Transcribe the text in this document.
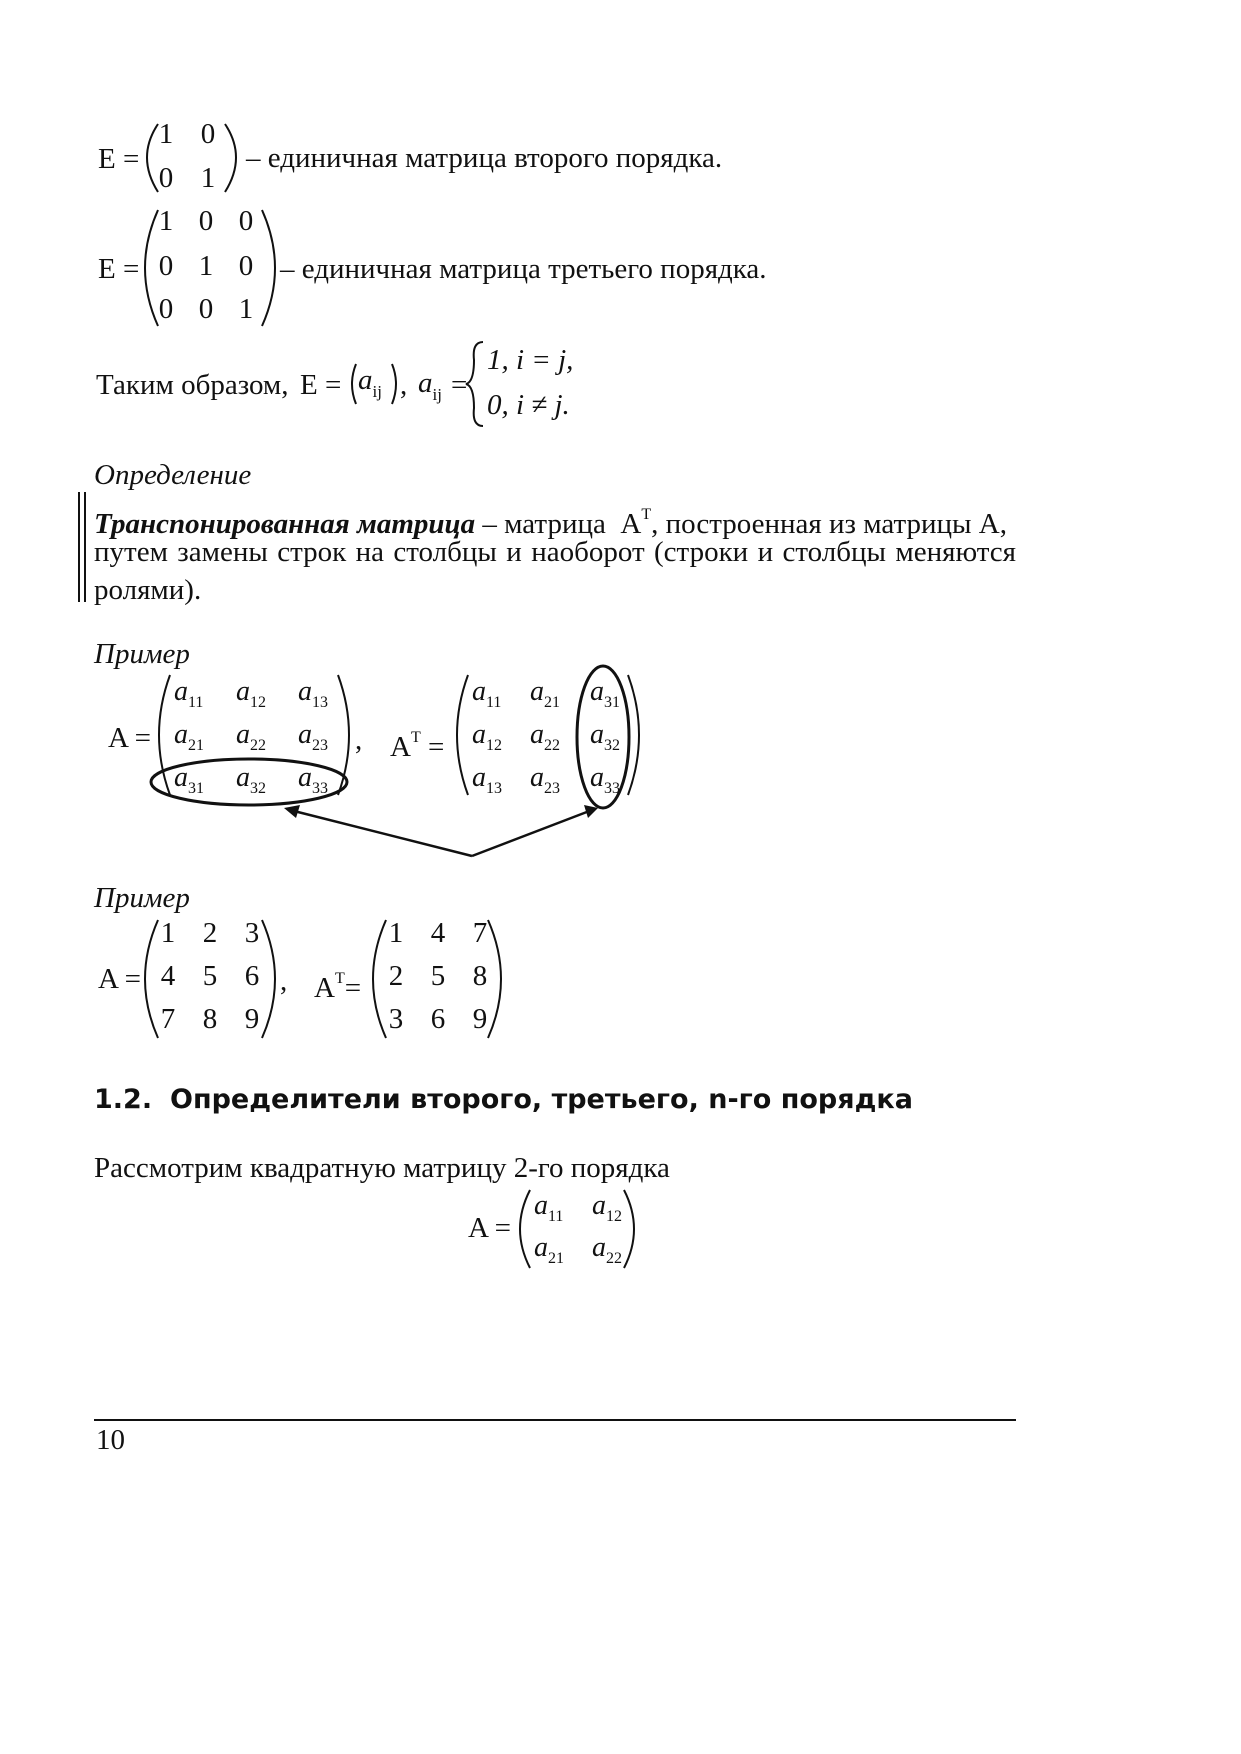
E =
1 0
0 1
– единичная матрица второго порядка.
E =
1 0 0
0 1 0
0 0 1
– единичная матрица третьего порядка.
Таким образом, $E = a_{ij}$ , $a_{ij}$ =
1, i = j,
0, i ≠ j.
Определение
Транспонированная матрица – матрица $A^T$, построенная из матрицы А,
путем замены строк на столбцы и наоборот (строки и столбцы меняются
ролями).
Пример
A =	, $A^T$ =
$a_{11}$ $a_{12}$ $a_{13}$
$a_{21}$ $a_{22}$ $a_{23}$
$a_{31}$ $a_{32}$ $a_{33}$
$a_{11}$ $a_{21}$ $a_{31}$
$a_{12}$ $a_{22}$ $a_{32}$
$a_{13}$ $a_{23}$ $a_{33}$
Пример
A =	, $A^T=$
1 2 3
4 5 6
7 8 9
1 4 7
2 5 8
3 6 9
1.2. Определители второго, третьего, n-го порядка
Рассмотрим квадратную матрицу 2-го порядка
A =
$a_{11}$ $a_{12}$
$a_{21}$ $a_{22}$
10
